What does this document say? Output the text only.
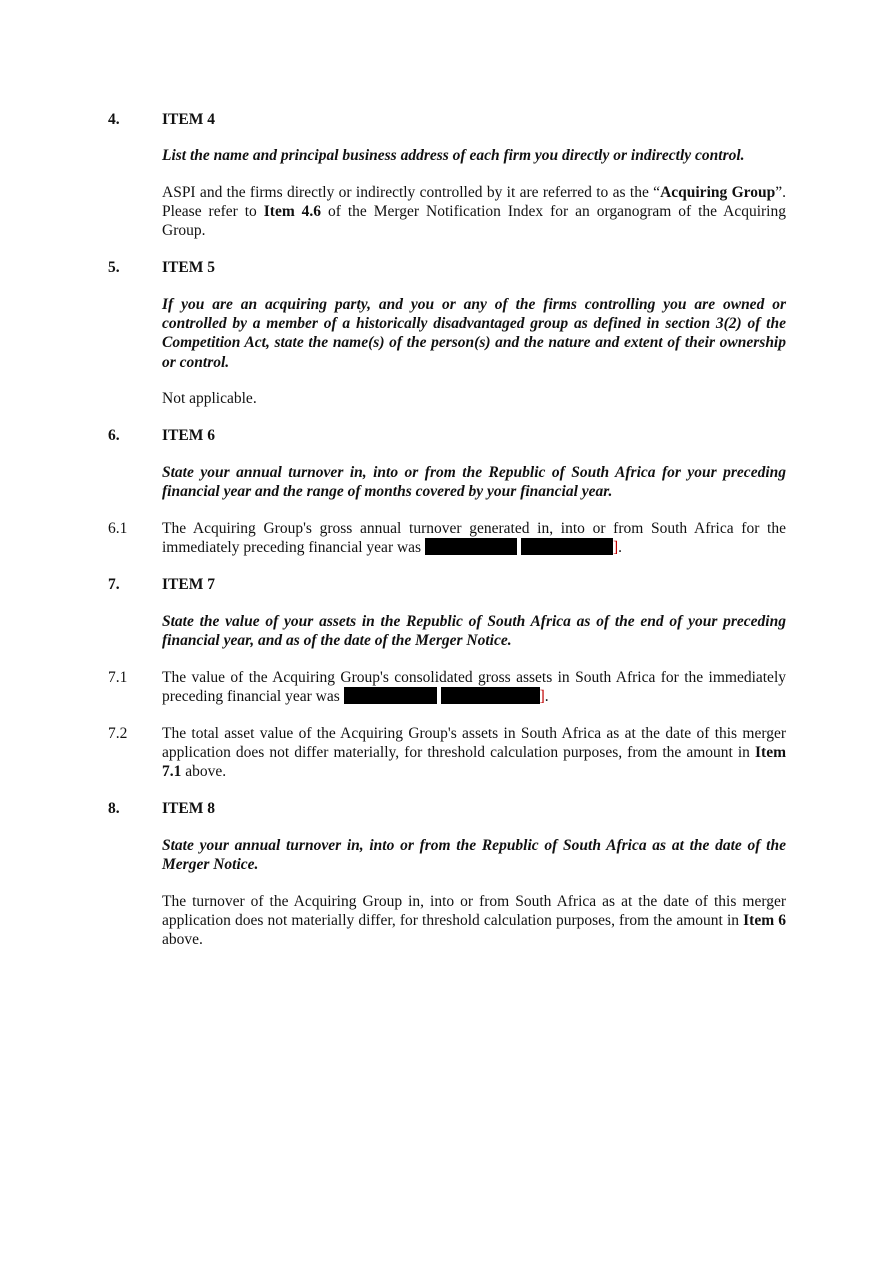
4.	ITEM 4

List the name and principal business address of each firm you directly or indirectly control.

ASPI and the firms directly or indirectly controlled by it are referred to as the “Acquiring Group”. Please refer to Item 4.6 of the Merger Notification Index for an organogram of the Acquiring Group.

5.	ITEM 5

If you are an acquiring party, and you or any of the firms controlling you are owned or controlled by a member of a historically disadvantaged group as defined in section 3(2) of the Competition Act, state the name(s) of the person(s) and the nature and extent of their ownership or control.

Not applicable.

6.	ITEM 6

State your annual turnover in, into or from the Republic of South Africa for your preceding financial year and the range of months covered by your financial year.

6.1 The Acquiring Group's gross annual turnover generated in, into or from South Africa for the immediately preceding financial year was	].

7.	ITEM 7

State the value of your assets in the Republic of South Africa as of the end of your preceding financial year, and as of the date of the Merger Notice.

7.1 The value of the Acquiring Group's consolidated gross assets in South Africa for the immediately preceding financial year was	].

7.2 The total asset value of the Acquiring Group's assets in South Africa as at the date of this merger application does not differ materially, for threshold calculation purposes, from the amount in Item 7.1 above.

8.	ITEM 8

State your annual turnover in, into or from the Republic of South Africa as at the date of the Merger Notice.

The turnover of the Acquiring Group in, into or from South Africa as at the date of this merger application does not materially differ, for threshold calculation purposes, from the amount in Item 6 above.
